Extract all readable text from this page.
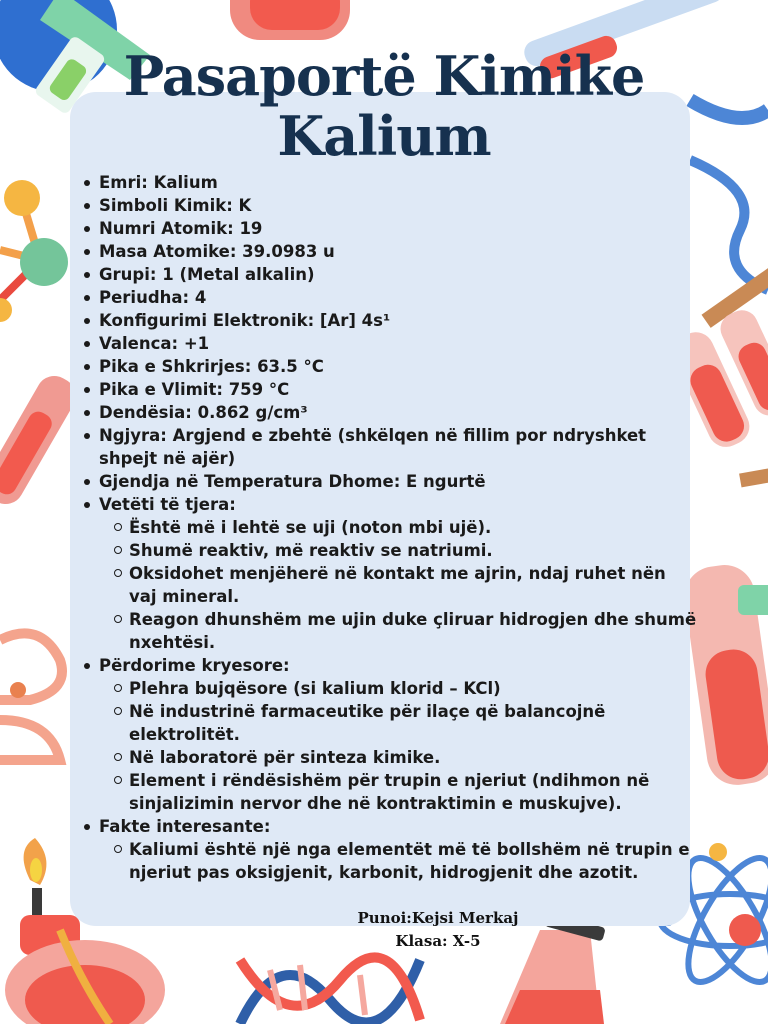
Pasaportë Kimike
Kalium
Emri: Kalium
Simboli Kimik: K
Numri Atomik: 19
Masa Atomike: 39.0983 u
Grupi: 1 (Metal alkalin)
Periudha: 4
Konfigurimi Elektronik: [Ar] 4s¹
Valenca: +1
Pika e Shkrirjes: 63.5 °C
Pika e Vlimit: 759 °C
Dendësia: 0.862 g/cm³
Ngjyra: Argjend e zbehtë (shkëlqen në fillim por ndryshket shpejt në ajër)
Gjendja në Temperatura Dhome: E ngurtë
Vetëti të tjera:
Është më i lehtë se uji (noton mbi ujë).
Shumë reaktiv, më reaktiv se natriumi.
Oksidohet menjëherë në kontakt me ajrin, ndaj ruhet nën vaj mineral.
Reagon dhunshëm me ujin duke çliruar hidrogjen dhe shumë nxehtësi.
Përdorime kryesore:
Plehra bujqësore (si kalium klorid – KCl)
Në industrinë farmaceutike për ilaçe që balancojnë elektrolitët.
Në laboratorë për sinteza kimike.
Element i rëndësishëm për trupin e njeriut (ndihmon në sinjalizimin nervor dhe në kontraktimin e muskujve).
Fakte interesante:
Kaliumi është një nga elementët më të bollshëm në trupin e njeriut pas oksigjenit, karbonit, hidrogjenit dhe azotit.
Punoi:Kejsi Merkaj
Klasa: X-5
